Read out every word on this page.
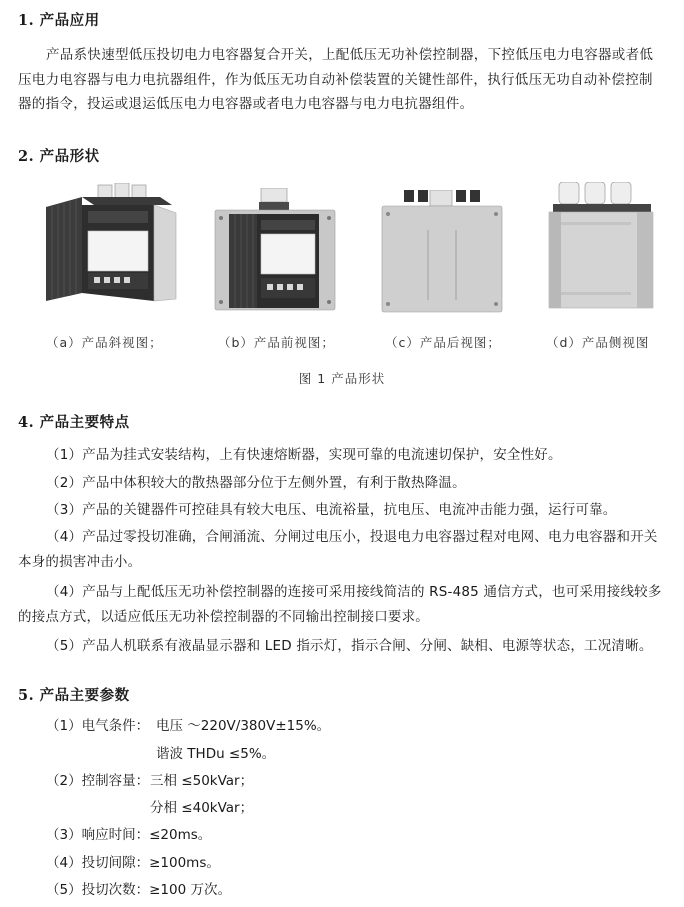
1. 产品应用

产品系快速型低压投切电力电容器复合开关，上配低压无功补偿控制器，下控低压电力电容器或者低压电力电容器与电力电抗器组件，作为低压无功自动补偿装置的关键性部件，执行低压无功自动补偿控制器的指令，投运或退运低压电力电容器或者电力电容器与电力电抗器组件。

2. 产品形状
（a）产品斜视图；	（b）产品前视图；	（c）产品后视图；	（d）产品侧视图
图 1 产品形状
4. 产品主要特点

（1）产品为挂式安装结构，上有快速熔断器，实现可靠的电流速切保护，安全性好。

（2）产品中体积较大的散热器部分位于左侧外置，有利于散热降温。

（3）产品的关键器件可控硅具有较大电压、电流裕量，抗电压、电流冲击能力强，运行可靠。

（4）产品过零投切准确，合闸涌流、分闸过电压小，投退电力电容器过程对电网、电力电容器和开关本身的损害冲击小。

（4）产品与上配低压无功补偿控制器的连接可采用接线简洁的 RS-485 通信方式，也可采用接线较多的接点方式，以适应低压无功补偿控制器的不同输出控制接口要求。

（5）产品人机联系有液晶显示器和 LED 指示灯，指示合闸、分闸、缺相、电源等状态，工况清晰。

5. 产品主要参数
（1）电气条件： 电压 ～220V/380V±15%。
谐波 THDu ≤5%。
（2）控制容量： 三相 ≤50kVar；
分相 ≤40kVar；
（3）响应时间：≤20ms。
（4）投切间隙：≥100ms。
（5）投切次数：≥100 万次。
